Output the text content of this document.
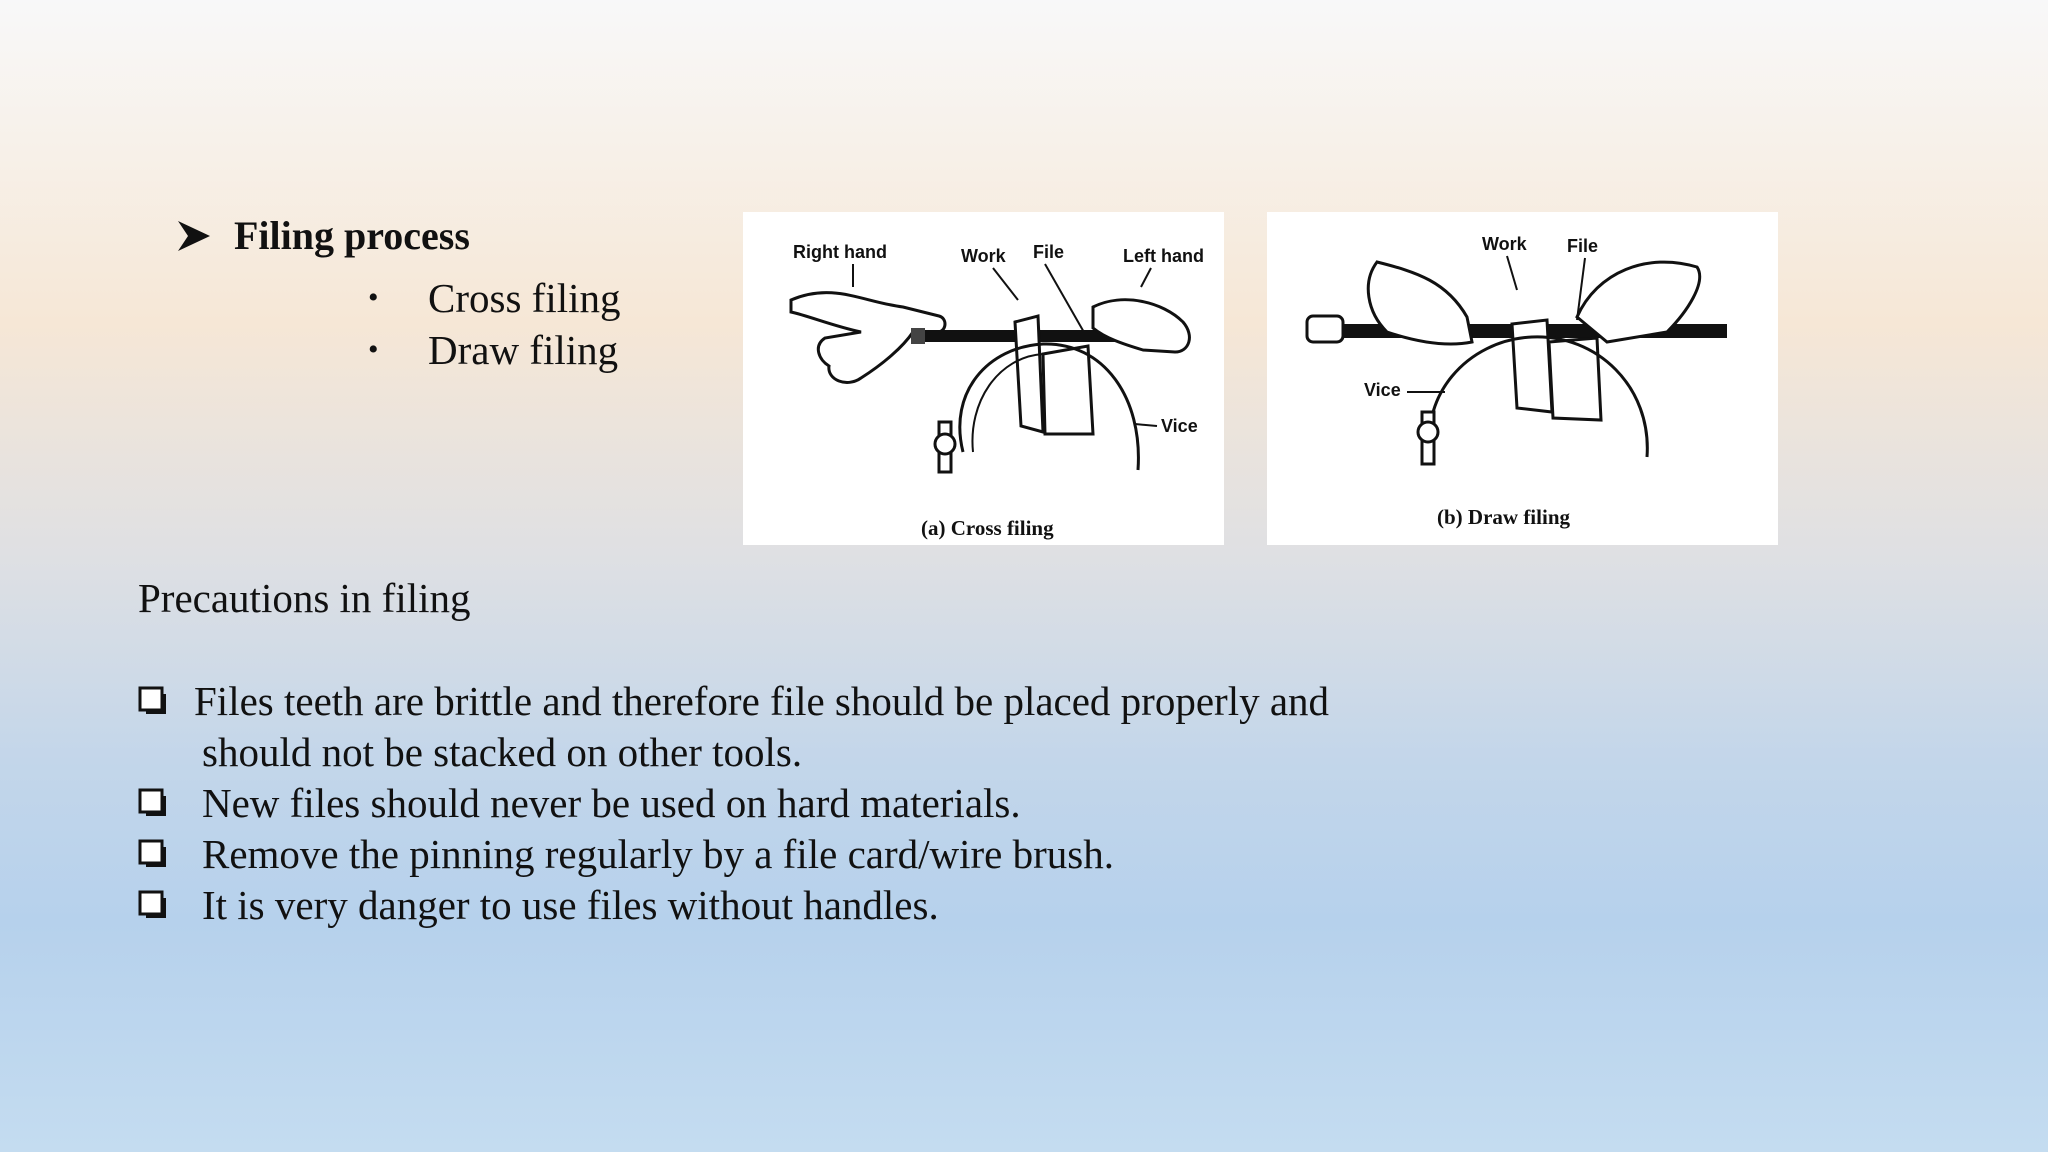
Filing process
•	Cross filing
•	Draw filing
Right hand	Work File	Left hand
Vice
(a) Cross filing
Work File
Vice
(b) Draw filing
Precautions in filing
Files teeth are brittle and therefore file should be placed properly and
should not be stacked on other tools.
New files should never be used on hard materials.
Remove the pinning regularly by a file card/wire brush.
It is very danger to use files without handles.
